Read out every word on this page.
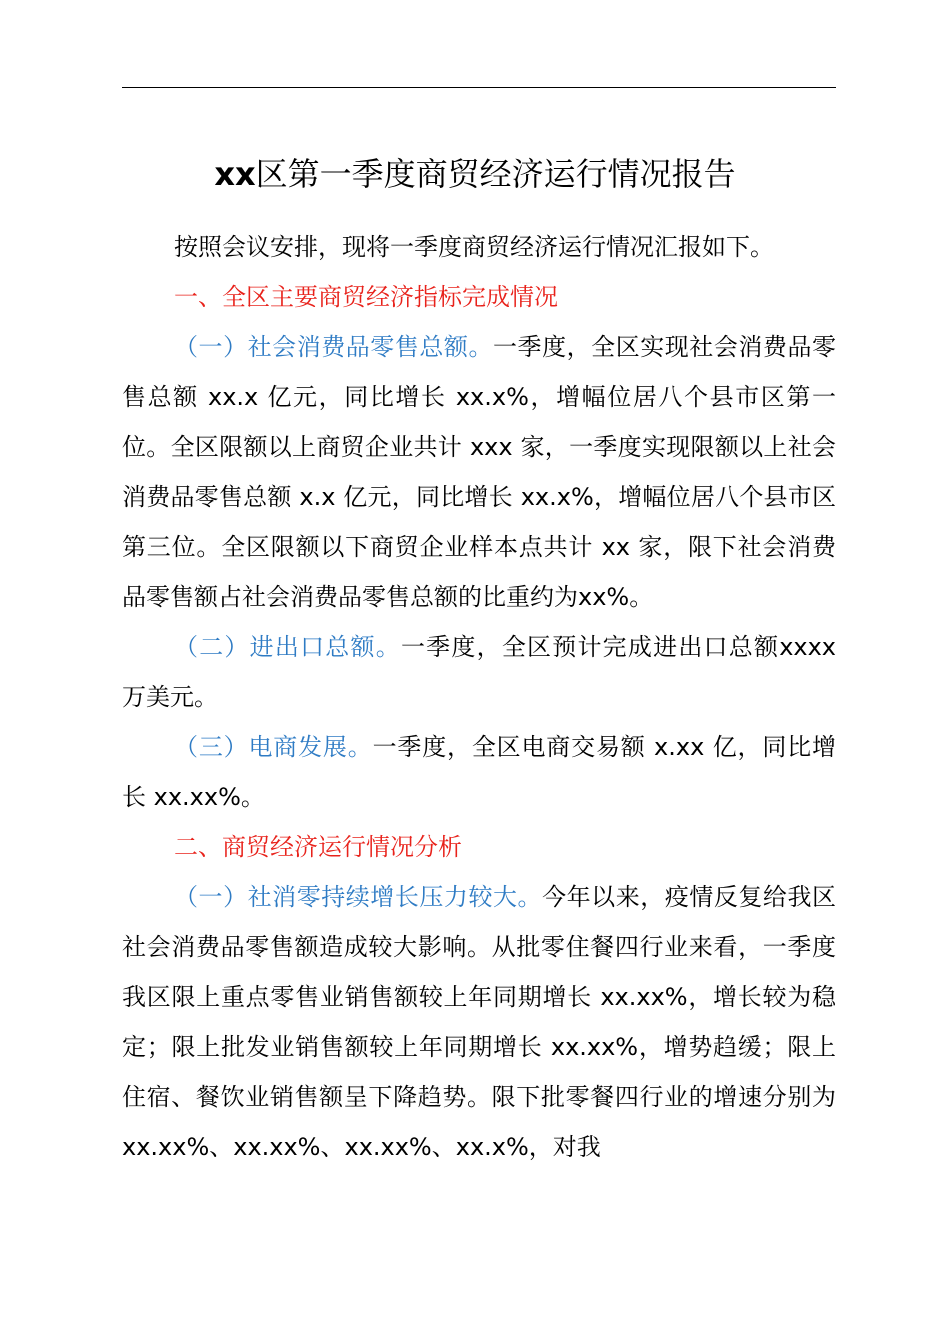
xx区第一季度商贸经济运行情况报告

按照会议安排，现将一季度商贸经济运行情况汇报如下。

一、全区主要商贸经济指标完成情况

（一）社会消费品零售总额。一季度，全区实现社会消费品零售总额 xx.x 亿元，同比增长 xx.x%，增幅位居八个县市区第一位。全区限额以上商贸企业共计 xxx 家，一季度实现限额以上社会消费品零售总额 x.x 亿元，同比增长 xx.x%，增幅位居八个县市区第三位。全区限额以下商贸企业样本点共计 xx 家，限下社会消费品零售额占社会消费品零售总额的比重约为xx%。

（二）进出口总额。一季度，全区预计完成进出口总额xxxx 万美元。

（三）电商发展。一季度，全区电商交易额 x.xx 亿，同比增长 xx.xx%。

二、商贸经济运行情况分析

（一）社消零持续增长压力较大。今年以来，疫情反复给我区社会消费品零售额造成较大影响。从批零住餐四行业来看，一季度我区限上重点零售业销售额较上年同期增长 xx.xx%，增长较为稳定；限上批发业销售额较上年同期增长 xx.xx%，增势趋缓；限上住宿、餐饮业销售额呈下降趋势。限下批零餐四行业的增速分别为 xx.xx%、xx.xx%、xx.xx%、xx.x%，对我
